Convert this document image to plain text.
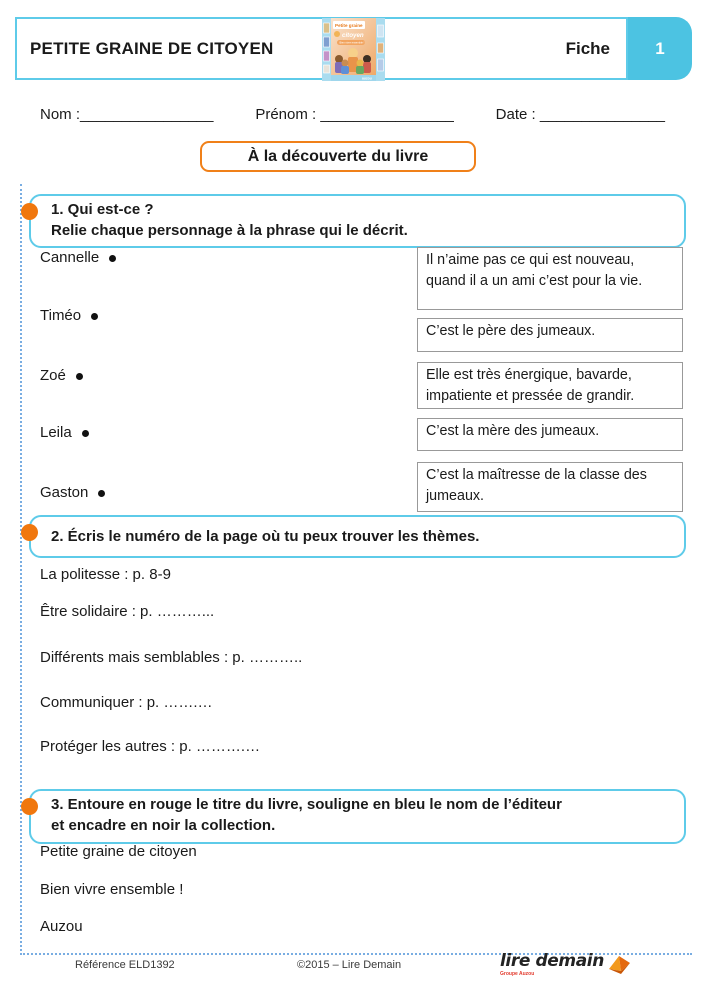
PETITE GRAINE DE CITOYEN
Petite graine
citoyen
Bien vivre ensemble !
auzou
Fiche	1
Nom :________________	Prénom : ________________	Date : _______________
À la découverte du livre
1. Qui est-ce ?
Relie chaque personnage à la phrase qui le décrit.
Cannelle
Timéo
Zoé
Leila
Gaston
Il n’aime pas ce qui est nouveau, quand il a un ami c’est pour la vie.
C’est le père des jumeaux.
Elle est très énergique, bavarde, impatiente et pressée de grandir.
C’est la mère des jumeaux.
C’est la maîtresse de la classe des jumeaux.
2. Écris le numéro de la page où tu peux trouver les thèmes.
La politesse : p. 8-9
Être solidaire : p. ………...
Différents mais semblables : p. ………..
Communiquer : p. …….…
Protéger les autres : p. ……….…
3. Entoure en rouge le titre du livre, souligne en bleu le nom de l’éditeur
et encadre en noir la collection.
Petite graine de citoyen
Bien vivre ensemble !
Auzou
Référence ELD1392	©2015 – Lire Demain	lire demain
Groupe Auzou
